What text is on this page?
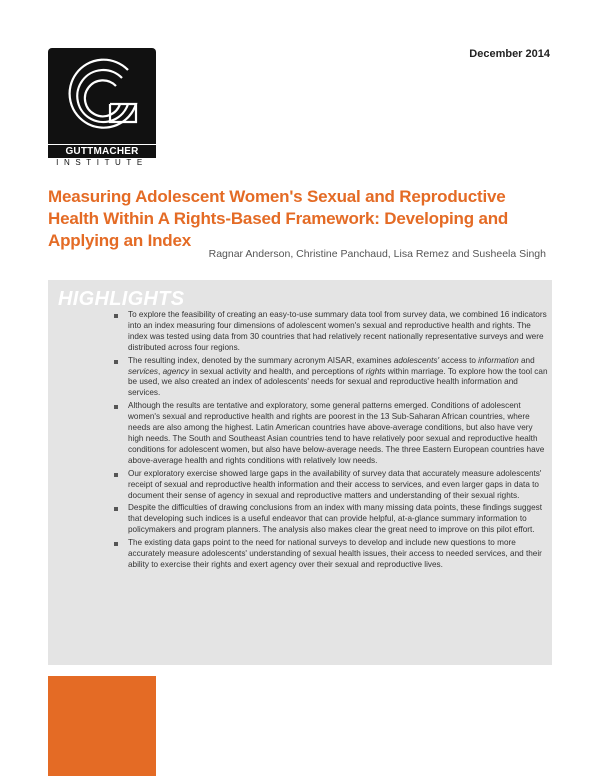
December 2014
GUTTMACHER
INSTITUTE
Measuring Adolescent Women's Sexual and Reproductive Health Within A Rights-Based Framework: Developing and Applying an Index
Ragnar Anderson, Christine Panchaud, Lisa Remez and Susheela Singh
HIGHLIGHTS
To explore the feasibility of creating an easy-to-use summary data tool from survey data, we combined 16 indicators into an index measuring four dimensions of adolescent women's sexual and reproductive health and rights. The index was tested using data from 30 countries that had relatively recent nationally representative surveys and were distributed across four regions.
The resulting index, denoted by the summary acronym AISAR, examines adolescents' access to information and services, agency in sexual activity and health, and perceptions of rights within marriage. To explore how the tool can be used, we also created an index of adolescents' needs for sexual and reproductive health information and services.
Although the results are tentative and exploratory, some general patterns emerged. Conditions of adolescent women's sexual and reproductive health and rights are poorest in the 13 Sub-Saharan African countries, where needs are also among the highest. Latin American countries have above-average conditions, but also have very high needs. The South and Southeast Asian countries tend to have relatively poor sexual and reproductive health conditions for adolescent women, but also have below-average needs. The three Eastern European countries have above-average health and rights conditions with relatively low needs.
Our exploratory exercise showed large gaps in the availability of survey data that accurately measure adolescents' receipt of sexual and reproductive health information and their access to services, and even larger gaps in data to document their sense of agency in sexual and reproductive matters and understanding of their sexual rights.
Despite the difficulties of drawing conclusions from an index with many missing data points, these findings suggest that developing such indices is a useful endeavor that can provide helpful, at-a-glance summary information to policymakers and program planners. The analysis also makes clear the great need to improve on this pilot effort.
The existing data gaps point to the need for national surveys to develop and include new questions to more accurately measure adolescents' understanding of sexual health issues, their access to needed services, and their ability to exercise their rights and exert agency over their sexual and reproductive lives.
